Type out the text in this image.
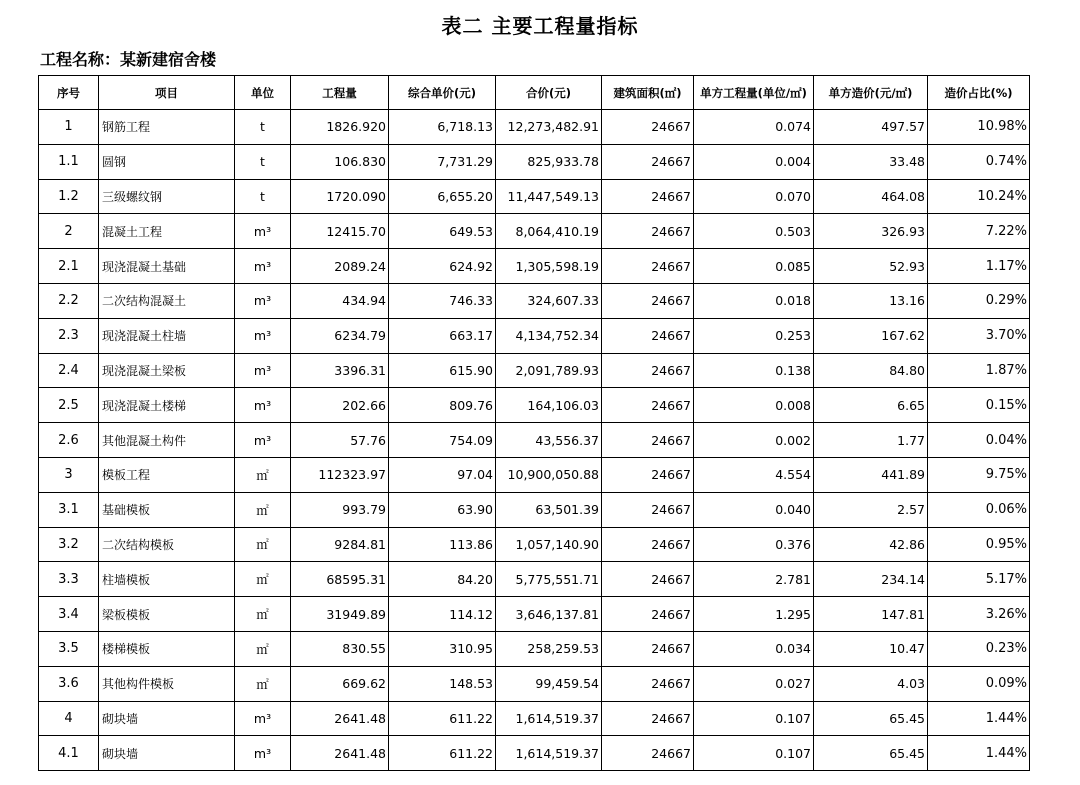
表二 主要工程量指标
工程名称：某新建宿舍楼
序号	项目	单位	工程量	综合单价(元)	合价(元)	建筑面积(㎡)	单方工程量(单位/㎡)	单方造价(元/㎡)	造价占比(%)
1	钢筋工程	t	1826.920	6,718.13	12,273,482.91	24667	0.074	497.57	10.98%
1.1	圆钢	t	106.830	7,731.29	825,933.78	24667	0.004	33.48	0.74%
1.2	三级螺纹钢	t	1720.090	6,655.20	11,447,549.13	24667	0.070	464.08	10.24%
2	混凝土工程	m³	12415.70	649.53	8,064,410.19	24667	0.503	326.93	7.22%
2.1	现浇混凝土基础	m³	2089.24	624.92	1,305,598.19	24667	0.085	52.93	1.17%
2.2	二次结构混凝土	m³	434.94	746.33	324,607.33	24667	0.018	13.16	0.29%
2.3	现浇混凝土柱墙	m³	6234.79	663.17	4,134,752.34	24667	0.253	167.62	3.70%
2.4	现浇混凝土梁板	m³	3396.31	615.90	2,091,789.93	24667	0.138	84.80	1.87%
2.5	现浇混凝土楼梯	m³	202.66	809.76	164,106.03	24667	0.008	6.65	0.15%
2.6	其他混凝土构件	m³	57.76	754.09	43,556.37	24667	0.002	1.77	0.04%
3	模板工程	㎡	112323.97	97.04	10,900,050.88	24667	4.554	441.89	9.75%
3.1	基础模板	㎡	993.79	63.90	63,501.39	24667	0.040	2.57	0.06%
3.2	二次结构模板	㎡	9284.81	113.86	1,057,140.90	24667	0.376	42.86	0.95%
3.3	柱墙模板	㎡	68595.31	84.20	5,775,551.71	24667	2.781	234.14	5.17%
3.4	梁板模板	㎡	31949.89	114.12	3,646,137.81	24667	1.295	147.81	3.26%
3.5	楼梯模板	㎡	830.55	310.95	258,259.53	24667	0.034	10.47	0.23%
3.6	其他构件模板	㎡	669.62	148.53	99,459.54	24667	0.027	4.03	0.09%
4	砌块墙	m³	2641.48	611.22	1,614,519.37	24667	0.107	65.45	1.44%
4.1	砌块墙	m³	2641.48	611.22	1,614,519.37	24667	0.107	65.45	1.44%
